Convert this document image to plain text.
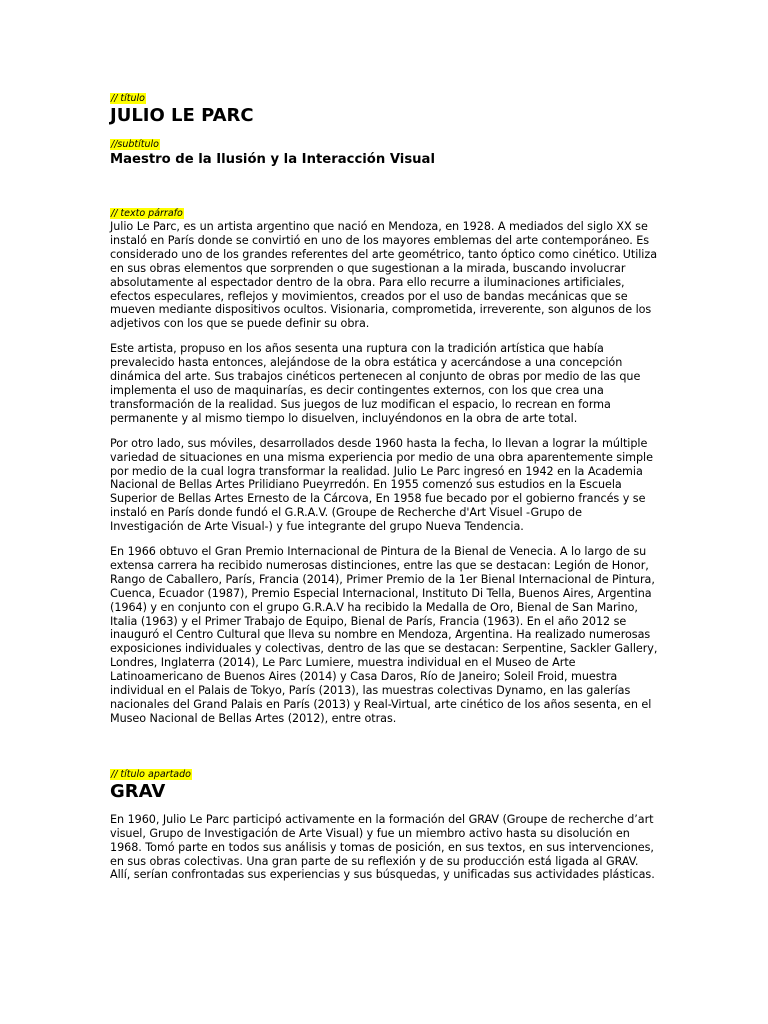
// título
JULIO LE PARC
//subtítulo
Maestro de la Ilusión y la Interacción Visual
// texto párrafo

Julio Le Parc, es un artista argentino que nació en Mendoza, en 1928. A mediados del siglo XX se instaló en París donde se convirtió en uno de los mayores emblemas del arte contemporáneo. Es considerado uno de los grandes referentes del arte geométrico, tanto óptico como cinético. Utiliza en sus obras elementos que sorprenden o que sugestionan a la mirada, buscando involucrar absolutamente al espectador dentro de la obra. Para ello recurre a iluminaciones artificiales, efectos especulares, reflejos y movimientos, creados por el uso de bandas mecánicas que se mueven mediante dispositivos ocultos. Visionaria, comprometida, irreverente, son algunos de los adjetivos con los que se puede definir su obra.

Este artista, propuso en los años sesenta una ruptura con la tradición artística que había prevalecido hasta entonces, alejándose de la obra estática y acercándose a una concepción dinámica del arte. Sus trabajos cinéticos pertenecen al conjunto de obras por medio de las que implementa el uso de maquinarías, es decir contingentes externos, con los que crea una transformación de la realidad. Sus juegos de luz modifican el espacio, lo recrean en forma permanente y al mismo tiempo lo disuelven, incluyéndonos en la obra de arte total.

Por otro lado, sus móviles, desarrollados desde 1960 hasta la fecha, lo llevan a lograr la múltiple variedad de situaciones en una misma experiencia por medio de una obra aparentemente simple por medio de la cual logra transformar la realidad. Julio Le Parc ingresó en 1942 en la Academia Nacional de Bellas Artes Prilidiano Pueyrredón. En 1955 comenzó sus estudios en la Escuela Superior de Bellas Artes Ernesto de la Cárcova, En 1958 fue becado por el gobierno francés y se instaló en París donde fundó el G.R.A.V. (Groupe de Recherche d'Art Visuel -Grupo de Investigación de Arte Visual-) y fue integrante del grupo Nueva Tendencia.

En 1966 obtuvo el Gran Premio Internacional de Pintura de la Bienal de Venecia. A lo largo de su extensa carrera ha recibido numerosas distinciones, entre las que se destacan: Legión de Honor, Rango de Caballero, París, Francia (2014), Primer Premio de la 1er Bienal Internacional de Pintura, Cuenca, Ecuador (1987), Premio Especial Internacional, Instituto Di Tella, Buenos Aires, Argentina (1964) y en conjunto con el grupo G.R.A.V ha recibido la Medalla de Oro, Bienal de San Marino, Italia (1963) y el Primer Trabajo de Equipo, Bienal de París, Francia (1963). En el año 2012 se inauguró el Centro Cultural que lleva su nombre en Mendoza, Argentina. Ha realizado numerosas exposiciones individuales y colectivas, dentro de las que se destacan: Serpentine, Sackler Gallery, Londres, Inglaterra (2014), Le Parc Lumiere, muestra individual en el Museo de Arte Latinoamericano de Buenos Aires (2014) y Casa Daros, Río de Janeiro; Soleil Froid, muestra individual en el Palais de Tokyo, París (2013), las muestras colectivas Dynamo, en las galerías nacionales del Grand Palais en París (2013) y Real-Virtual, arte cinético de los años sesenta, en el Museo Nacional de Bellas Artes (2012), entre otras.

// título apartado
GRAV

En 1960, Julio Le Parc participó activamente en la formación del GRAV (Groupe de recherche d’art visuel, Grupo de Investigación de Arte Visual) y fue un miembro activo hasta su disolución en 1968. Tomó parte en todos sus análisis y tomas de posición, en sus textos, en sus intervenciones, en sus obras colectivas. Una gran parte de su reflexión y de su producción está ligada al GRAV. Allí, serían confrontadas sus experiencias y sus búsquedas, y unificadas sus actividades plásticas.
